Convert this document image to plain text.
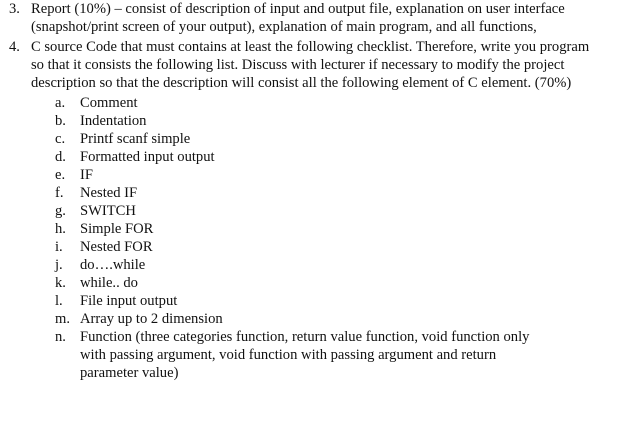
3. Report (10%) – consist of description of input and output file, explanation on user interface (snapshot/print screen of your output), explanation of main program, and all functions,
4. C source Code that must contains at least the following checklist. Therefore, write you program so that it consists the following list. Discuss with lecturer if necessary to modify the project description so that the description will consist all the following element of C element. (70%)
a. Comment
b. Indentation
c. Printf scanf simple
d. Formatted input output
e. IF
f. Nested IF
g. SWITCH
h. Simple FOR
i. Nested FOR
j. do….while
k. while.. do
l. File input output
m. Array up to 2 dimension
n. Function (three categories function, return value function, void function only with passing argument, void function with passing argument and return parameter value)
